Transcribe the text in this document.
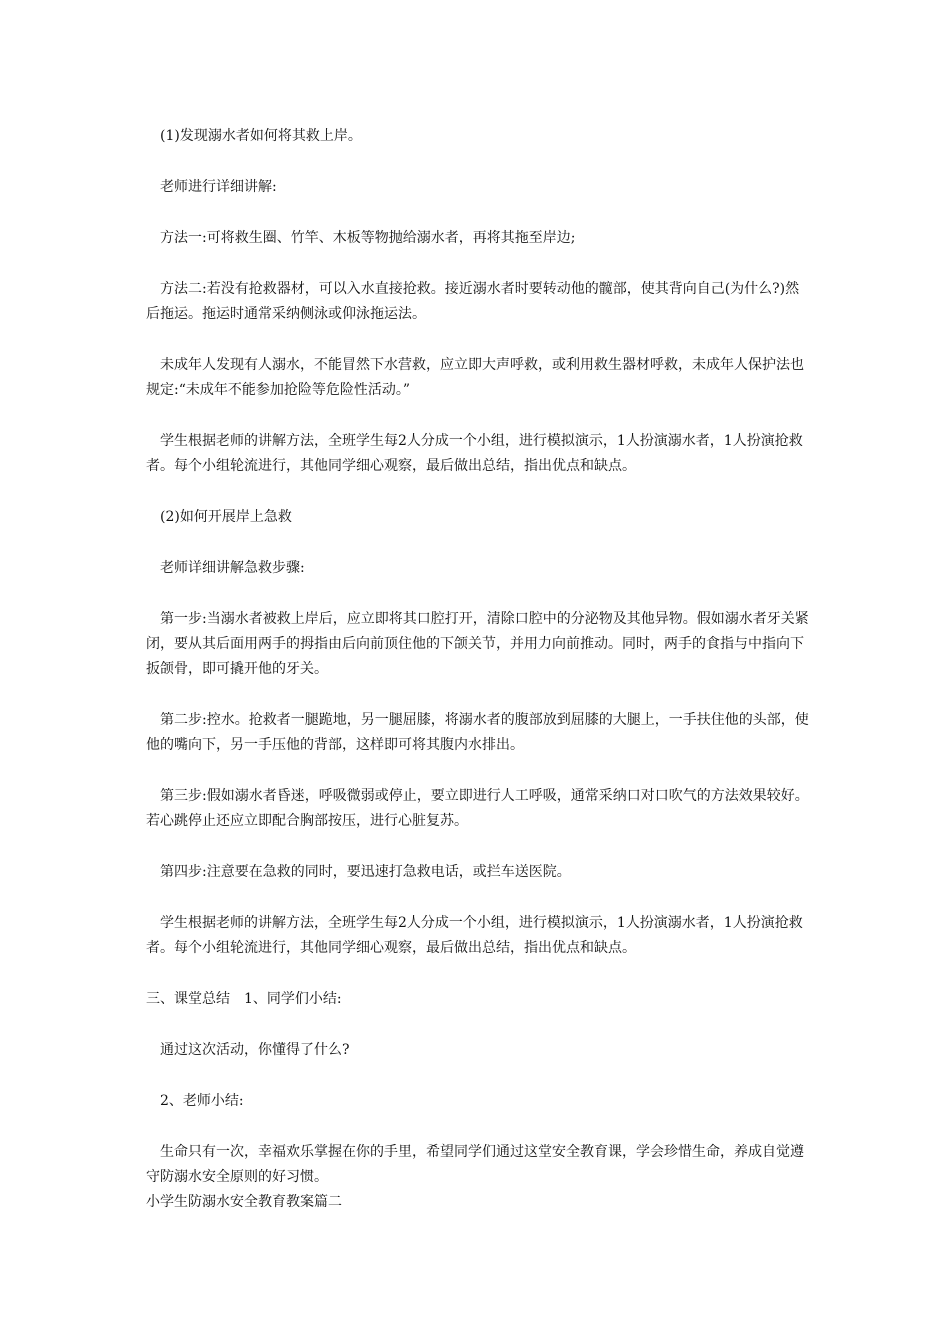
(1)发现溺水者如何将其救上岸。

老师进行详细讲解:

方法一:可将救生圈、竹竿、木板等物抛给溺水者，再将其拖至岸边;

方法二:若没有抢救器材，可以入水直接抢救。接近溺水者时要转动他的髋部，使其背向自己(为什么?)然后拖运。拖运时通常采纳侧泳或仰泳拖运法。

未成年人发现有人溺水，不能冒然下水营救，应立即大声呼救，或利用救生器材呼救，未成年人保护法也规定:“未成年不能参加抢险等危险性活动。”

学生根据老师的讲解方法，全班学生每2人分成一个小组，进行模拟演示，1人扮演溺水者，1人扮演抢救者。每个小组轮流进行，其他同学细心观察，最后做出总结，指出优点和缺点。

(2)如何开展岸上急救

老师详细讲解急救步骤:

第一步:当溺水者被救上岸后，应立即将其口腔打开，清除口腔中的分泌物及其他异物。假如溺水者牙关紧闭，要从其后面用两手的拇指由后向前顶住他的下颌关节，并用力向前推动。同时，两手的食指与中指向下扳颌骨，即可撬开他的牙关。

第二步:控水。抢救者一腿跪地，另一腿屈膝，将溺水者的腹部放到屈膝的大腿上，一手扶住他的头部，使他的嘴向下，另一手压他的背部，这样即可将其腹内水排出。

第三步:假如溺水者昏迷，呼吸微弱或停止，要立即进行人工呼吸，通常采纳口对口吹气的方法效果较好。若心跳停止还应立即配合胸部按压，进行心脏复苏。

第四步:注意要在急救的同时，要迅速打急救电话，或拦车送医院。

学生根据老师的讲解方法，全班学生每2人分成一个小组，进行模拟演示，1人扮演溺水者，1人扮演抢救者。每个小组轮流进行，其他同学细心观察，最后做出总结，指出优点和缺点。

三、课堂总结　1、同学们小结:

通过这次活动，你懂得了什么?

2、老师小结:

生命只有一次，幸福欢乐掌握在你的手里，希望同学们通过这堂安全教育课，学会珍惜生命，养成自觉遵守防溺水安全原则的好习惯。

小学生防溺水安全教育教案篇二
